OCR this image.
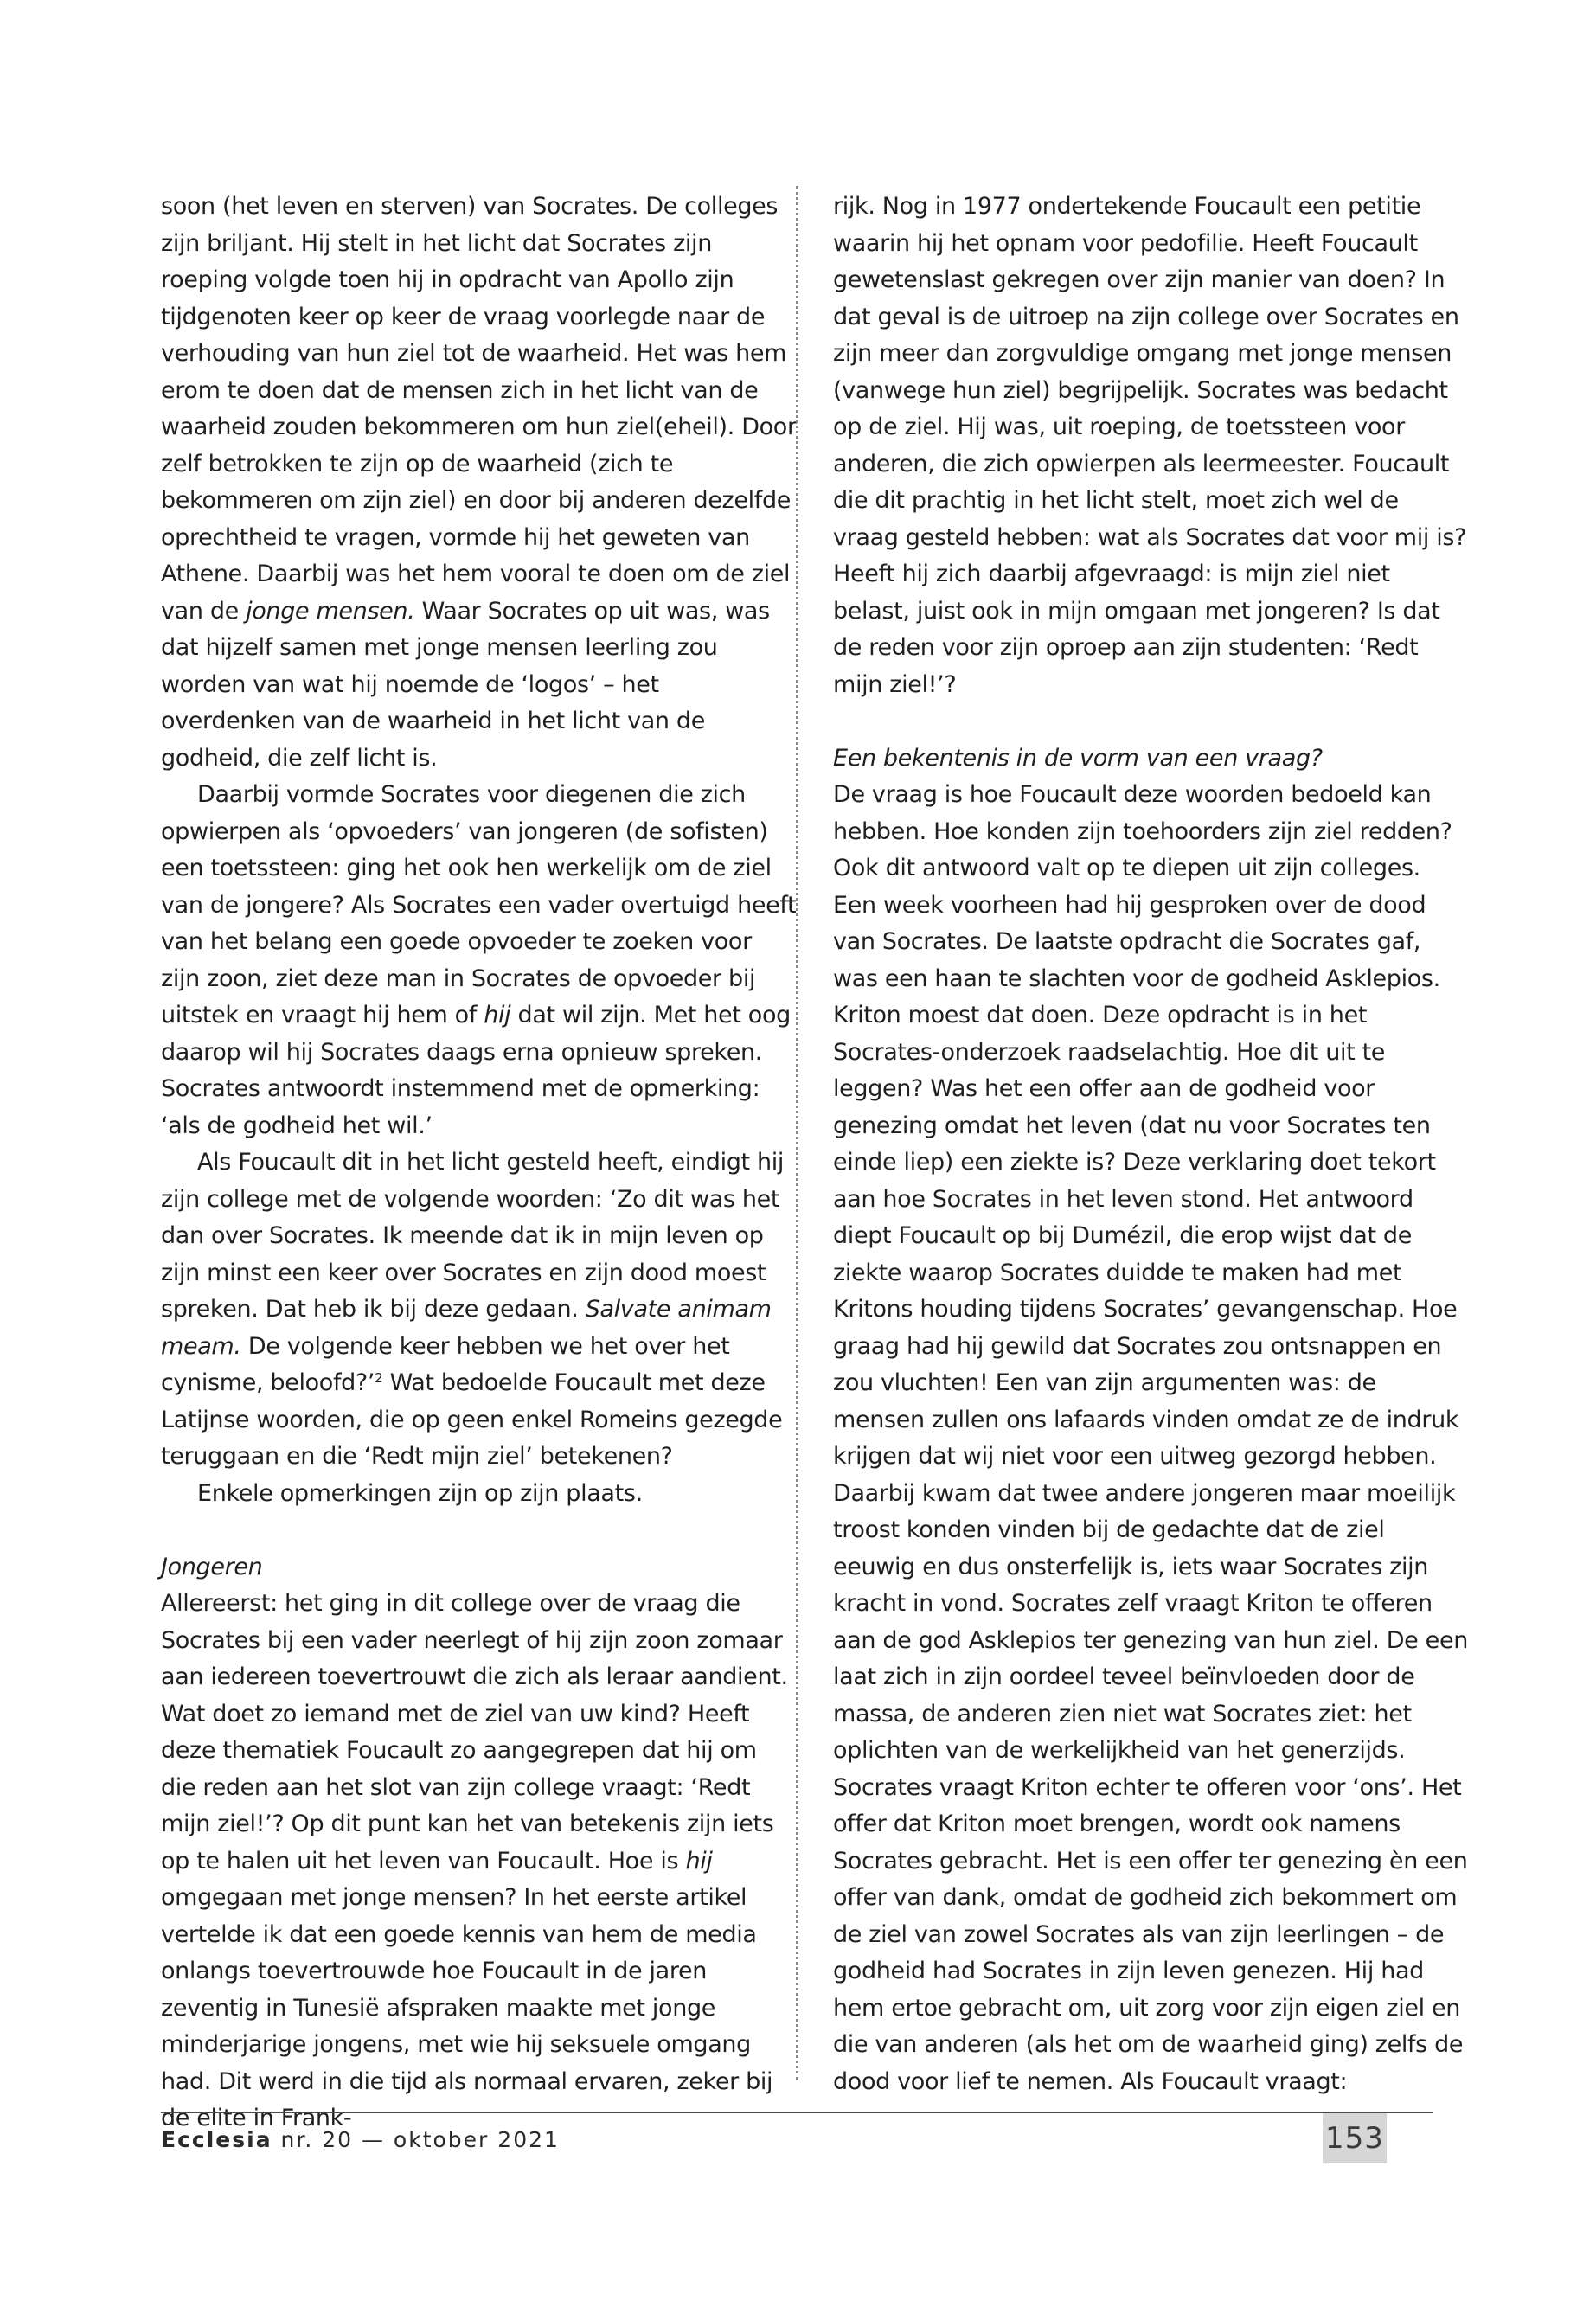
soon (het leven en sterven) van Socrates. De colleges zijn briljant. Hij stelt in het licht dat Socrates zijn roeping volgde toen hij in opdracht van Apollo zijn tijdgenoten keer op keer de vraag voorlegde naar de verhouding van hun ziel tot de waarheid. Het was hem erom te doen dat de mensen zich in het licht van de waarheid zouden bekommeren om hun ziel(eheil). Door zelf betrokken te zijn op de waarheid (zich te bekommeren om zijn ziel) en door bij anderen dezelfde oprechtheid te vragen, vormde hij het geweten van Athene. Daarbij was het hem vooral te doen om de ziel van de jonge mensen. Waar Socrates op uit was, was dat hijzelf samen met jonge mensen leerling zou worden van wat hij noemde de ‘logos’ – het overdenken van de waarheid in het licht van de godheid, die zelf licht is.

Daarbij vormde Socrates voor diegenen die zich opwierpen als ‘opvoeders’ van jongeren (de sofisten) een toetssteen: ging het ook hen werkelijk om de ziel van de jongere? Als Socrates een vader overtuigd heeft van het belang een goede opvoeder te zoeken voor zijn zoon, ziet deze man in Socrates de opvoeder bij uitstek en vraagt hij hem of hij dat wil zijn. Met het oog daarop wil hij Socrates daags erna opnieuw spreken. Socrates antwoordt instemmend met de opmerking: ‘als de godheid het wil.’

Als Foucault dit in het licht gesteld heeft, eindigt hij zijn college met de volgende woorden: ‘Zo dit was het dan over Socrates. Ik meende dat ik in mijn leven op zijn minst een keer over Socrates en zijn dood moest spreken. Dat heb ik bij deze gedaan. Salvate animam meam. De volgende keer hebben we het over het cynisme, beloofd?’$^2$ Wat bedoelde Foucault met deze Latijnse woorden, die op geen enkel Romeins gezegde teruggaan en die ‘Redt mijn ziel’ betekenen?

Enkele opmerkingen zijn op zijn plaats.

Jongeren

Allereerst: het ging in dit college over de vraag die Socrates bij een vader neerlegt of hij zijn zoon zomaar aan iedereen toevertrouwt die zich als leraar aandient. Wat doet zo iemand met de ziel van uw kind? Heeft deze thematiek Foucault zo aangegrepen dat hij om die reden aan het slot van zijn college vraagt: ‘Redt mijn ziel!’? Op dit punt kan het van betekenis zijn iets op te halen uit het leven van Foucault. Hoe is hij omgegaan met jonge mensen? In het eerste artikel vertelde ik dat een goede kennis van hem de media onlangs toevertrouwde hoe Foucault in de jaren zeventig in Tunesië afspraken maakte met jonge minderjarige jongens, met wie hij seksuele omgang had. Dit werd in die tijd als normaal ervaren, zeker bij de elite in Frank-

rijk. Nog in 1977 ondertekende Foucault een petitie waarin hij het opnam voor pedofilie. Heeft Foucault gewetenslast gekregen over zijn manier van doen? In dat geval is de uitroep na zijn college over Socrates en zijn meer dan zorgvuldige omgang met jonge mensen (vanwege hun ziel) begrijpelijk. Socrates was bedacht op de ziel. Hij was, uit roeping, de toetssteen voor anderen, die zich opwierpen als leermeester. Foucault die dit prachtig in het licht stelt, moet zich wel de vraag gesteld hebben: wat als Socrates dat voor mij is? Heeft hij zich daarbij afgevraagd: is mijn ziel niet belast, juist ook in mijn omgaan met jongeren? Is dat de reden voor zijn oproep aan zijn studenten: ‘Redt mijn ziel!’?

Een bekentenis in de vorm van een vraag?

De vraag is hoe Foucault deze woorden bedoeld kan hebben. Hoe konden zijn toehoorders zijn ziel redden? Ook dit antwoord valt op te diepen uit zijn colleges. Een week voorheen had hij gesproken over de dood van Socrates. De laatste opdracht die Socrates gaf, was een haan te slachten voor de godheid Asklepios. Kriton moest dat doen. Deze opdracht is in het Socrates-onderzoek raadselachtig. Hoe dit uit te leggen? Was het een offer aan de godheid voor genezing omdat het leven (dat nu voor Socrates ten einde liep) een ziekte is? Deze verklaring doet tekort aan hoe Socrates in het leven stond. Het antwoord diept Foucault op bij Dumézil, die erop wijst dat de ziekte waarop Socrates duidde te maken had met Kritons houding tijdens Socrates’ gevangenschap. Hoe graag had hij gewild dat Socrates zou ontsnappen en zou vluchten! Een van zijn argumenten was: de mensen zullen ons lafaards vinden omdat ze de indruk krijgen dat wij niet voor een uitweg gezorgd hebben. Daarbij kwam dat twee andere jongeren maar moeilijk troost konden vinden bij de gedachte dat de ziel eeuwig en dus onsterfelijk is, iets waar Socrates zijn kracht in vond. Socrates zelf vraagt Kriton te offeren aan de god Asklepios ter genezing van hun ziel. De een laat zich in zijn oordeel teveel beïnvloeden door de massa, de anderen zien niet wat Socrates ziet: het oplichten van de werkelijkheid van het generzijds. Socrates vraagt Kriton echter te offeren voor ‘ons’. Het offer dat Kriton moet brengen, wordt ook namens Socrates gebracht. Het is een offer ter genezing èn een offer van dank, omdat de godheid zich bekommert om de ziel van zowel Socrates als van zijn leerlingen – de godheid had Socrates in zijn leven genezen. Hij had hem ertoe gebracht om, uit zorg voor zijn eigen ziel en die van anderen (als het om de waarheid ging) zelfs de dood voor lief te nemen. Als Foucault vraagt:

Ecclesia nr. 20 — oktober 2021	153
